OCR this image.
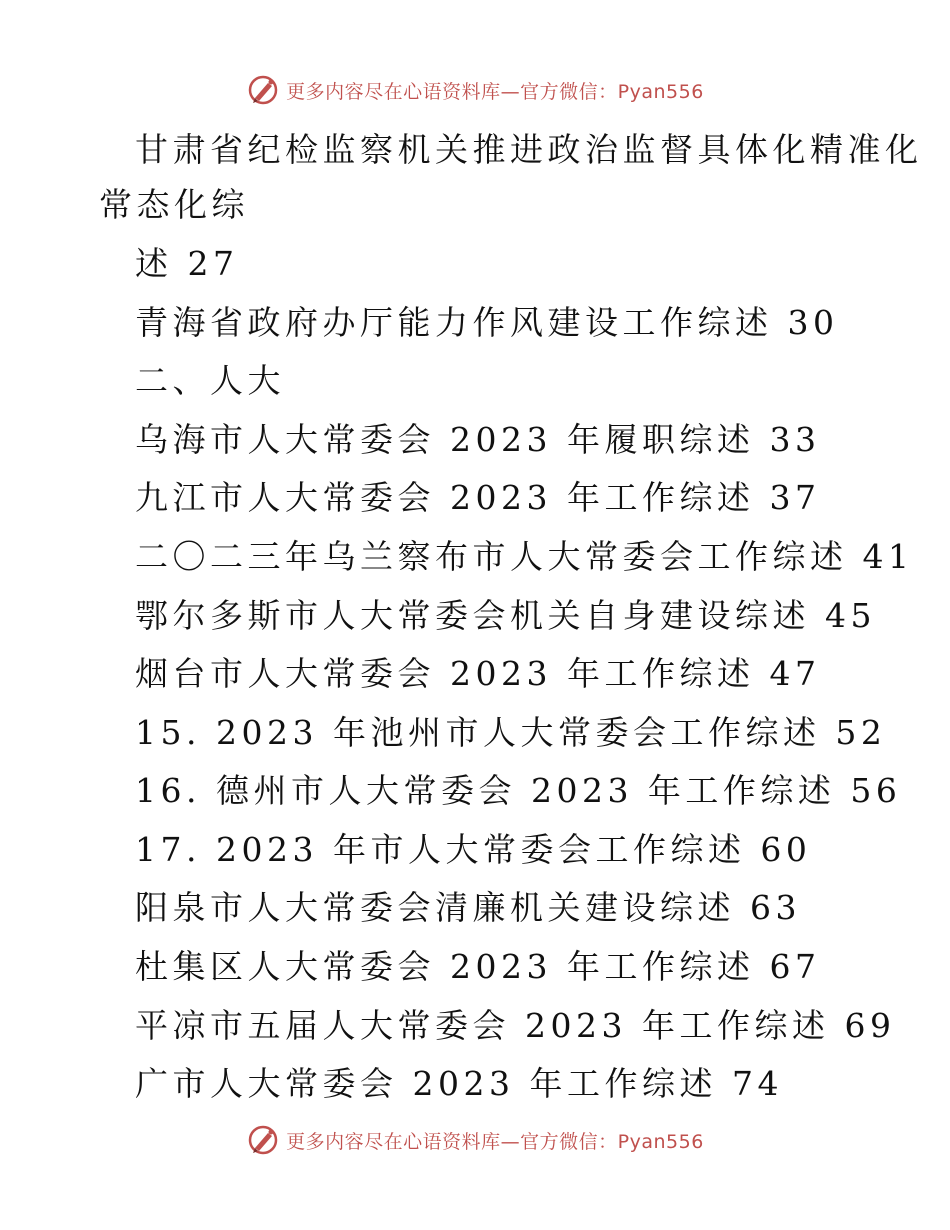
更多内容尽在心语资料库—官方微信：Pyan556
甘肃省纪检监察机关推进政治监督具体化精准化
常态化综
述 27
青海省政府办厅能力作风建设工作综述 30
二、人大
乌海市人大常委会 2023 年履职综述 33
九江市人大常委会 2023 年工作综述 37
二〇二三年乌兰察布市人大常委会工作综述 41
鄂尔多斯市人大常委会机关自身建设综述 45
烟台市人大常委会 2023 年工作综述 47
15. 2023 年池州市人大常委会工作综述 52
16. 德州市人大常委会 2023 年工作综述 56
17. 2023 年市人大常委会工作综述 60
阳泉市人大常委会清廉机关建设综述 63
杜集区人大常委会 2023 年工作综述 67
平凉市五届人大常委会 2023 年工作综述 69
广市人大常委会 2023 年工作综述 74
更多内容尽在心语资料库—官方微信：Pyan556
